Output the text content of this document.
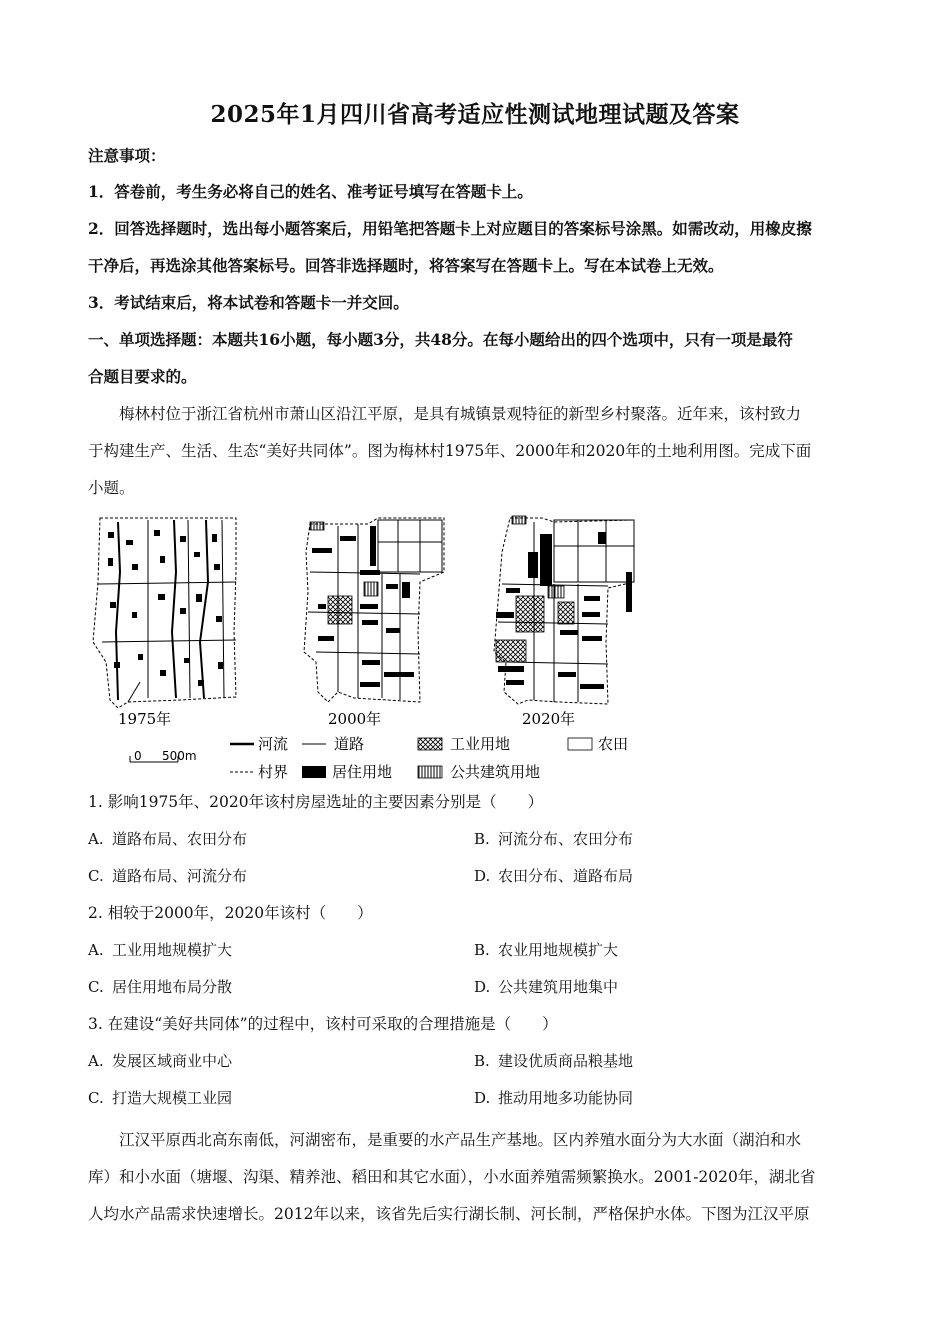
2025年1月四川省高考适应性测试地理试题及答案
注意事项：
1．答卷前，考生务必将自己的姓名、准考证号填写在答题卡上。
2．回答选择题时，选出每小题答案后，用铅笔把答题卡上对应题目的答案标号涂黑。如需改动，用橡皮擦
干净后，再选涂其他答案标号。回答非选择题时，将答案写在答题卡上。写在本试卷上无效。
3．考试结束后，将本试卷和答题卡一并交回。
一、单项选择题：本题共16小题，每小题3分，共48分。在每小题给出的四个选项中，只有一项是最符
合题目要求的。
梅林村位于浙江省杭州市萧山区沿江平原，是具有城镇景观特征的新型乡村聚落。近年来，该村致力
于构建生产、生活、生态“美好共同体”。图为梅林村1975年、2000年和2020年的土地利用图。完成下面
小题。
1975年	2000年	2020年
河流	道路	工业用地	农田
0 500m
村界	居住用地	公共建筑用地
1. 影响1975年、2020年该村房屋选址的主要因素分别是（　　）
A. 道路布局、农田分布	B. 河流分布、农田分布
C. 道路布局、河流分布	D. 农田分布、道路布局
2. 相较于2000年，2020年该村（　　）
A. 工业用地规模扩大	B. 农业用地规模扩大
C. 居住用地布局分散	D. 公共建筑用地集中
3. 在建设“美好共同体”的过程中，该村可采取的合理措施是（　　）
A. 发展区域商业中心	B. 建设优质商品粮基地
C. 打造大规模工业园	D. 推动用地多功能协同
江汉平原西北高东南低，河湖密布，是重要的水产品生产基地。区内养殖水面分为大水面（湖泊和水
库）和小水面（塘堰、沟渠、精养池、稻田和其它水面），小水面养殖需频繁换水。2001-2020年，湖北省
人均水产品需求快速增长。2012年以来，该省先后实行湖长制、河长制，严格保护水体。下图为江汉平原
